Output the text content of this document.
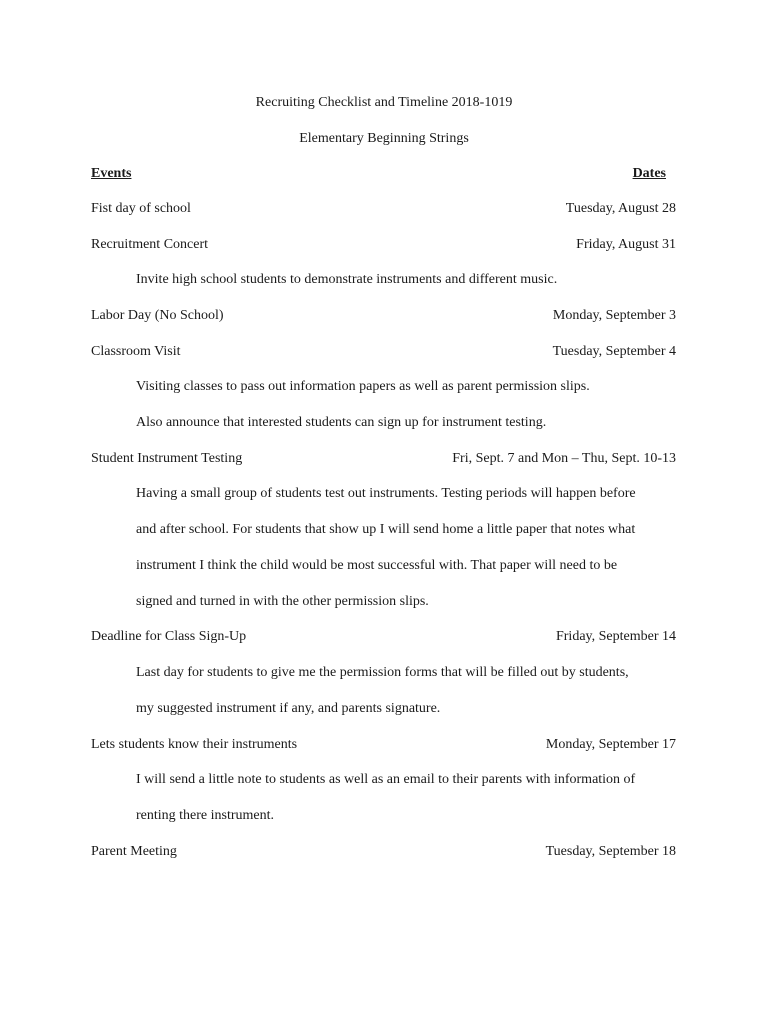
Recruiting Checklist and Timeline 2018-1019
Elementary Beginning Strings
Events	Dates
Fist day of school	Tuesday, August 28
Recruitment Concert	Friday, August 31
Invite high school students to demonstrate instruments and different music.
Labor Day (No School)	Monday, September 3
Classroom Visit	Tuesday, September 4
Visiting classes to pass out information papers as well as parent permission slips.
Also announce that interested students can sign up for instrument testing.
Student Instrument Testing	Fri, Sept. 7 and Mon – Thu, Sept. 10-13
Having a small group of students test out instruments. Testing periods will happen before
and after school. For students that show up I will send home a little paper that notes what
instrument I think the child would be most successful with. That paper will need to be
signed and turned in with the other permission slips.
Deadline for Class Sign-Up	Friday, September 14
Last day for students to give me the permission forms that will be filled out by students,
my suggested instrument if any, and parents signature.
Lets students know their instruments	Monday, September 17
I will send a little note to students as well as an email to their parents with information of
renting there instrument.
Parent Meeting	Tuesday, September 18
